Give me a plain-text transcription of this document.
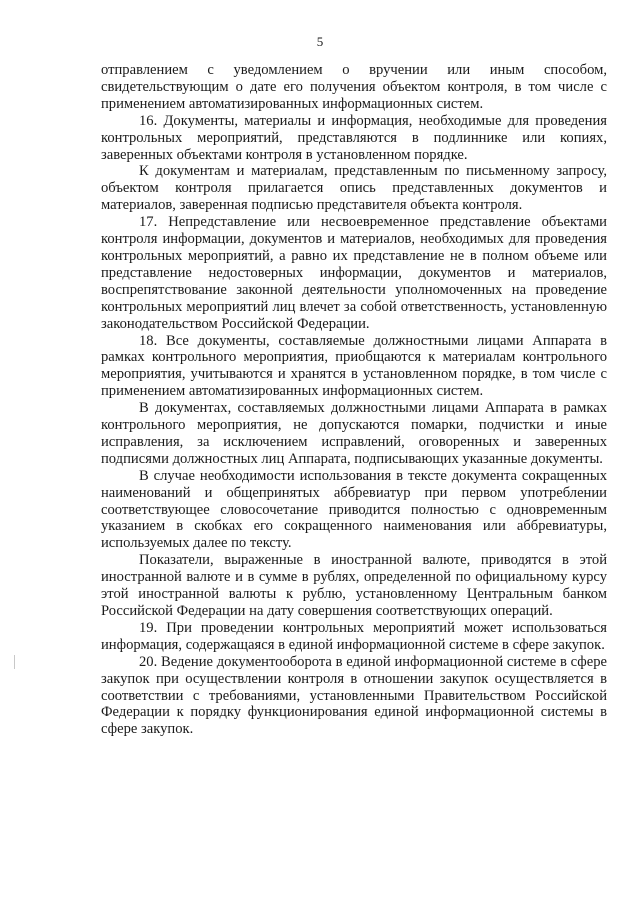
5

отправлением с уведомлением о вручении или иным способом, свидетельствующим о дате его получения объектом контроля, в том числе с применением автоматизированных информационных систем.

16. Документы, материалы и информация, необходимые для проведения контрольных мероприятий, представляются в подлиннике или копиях, заверенных объектами контроля в установленном порядке.

К документам и материалам, представленным по письменному запросу, объектом контроля прилагается опись представленных документов и материалов, заверенная подписью представителя объекта контроля.

17. Непредставление или несвоевременное представление объектами контроля информации, документов и материалов, необходимых для проведения контрольных мероприятий, а равно их представление не в полном объеме или представление недостоверных информации, документов и материалов, воспрепятствование законной деятельности уполномоченных на проведение контрольных мероприятий лиц влечет за собой ответственность, установленную законодательством Российской Федерации.

18. Все документы, составляемые должностными лицами Аппарата в рамках контрольного мероприятия, приобщаются к материалам контрольного мероприятия, учитываются и хранятся в установленном порядке, в том числе с применением автоматизированных информационных систем.

В документах, составляемых должностными лицами Аппарата в рамках контрольного мероприятия, не допускаются помарки, подчистки и иные исправления, за исключением исправлений, оговоренных и заверенных подписями должностных лиц Аппарата, подписывающих указанные документы.

В случае необходимости использования в тексте документа сокращенных наименований и общепринятых аббревиатур при первом употреблении соответствующее словосочетание приводится полностью с одновременным указанием в скобках его сокращенного наименования или аббревиатуры, используемых далее по тексту.

Показатели, выраженные в иностранной валюте, приводятся в этой иностранной валюте и в сумме в рублях, определенной по официальному курсу этой иностранной валюты к рублю, установленному Центральным банком Российской Федерации на дату совершения соответствующих операций.

19. При проведении контрольных мероприятий может использоваться информация, содержащаяся в единой информационной системе в сфере закупок.

20. Ведение документооборота в единой информационной системе в сфере закупок при осуществлении контроля в отношении закупок осуществляется в соответствии с требованиями, установленными Правительством Российской Федерации к порядку функционирования единой информационной системы в сфере закупок.
